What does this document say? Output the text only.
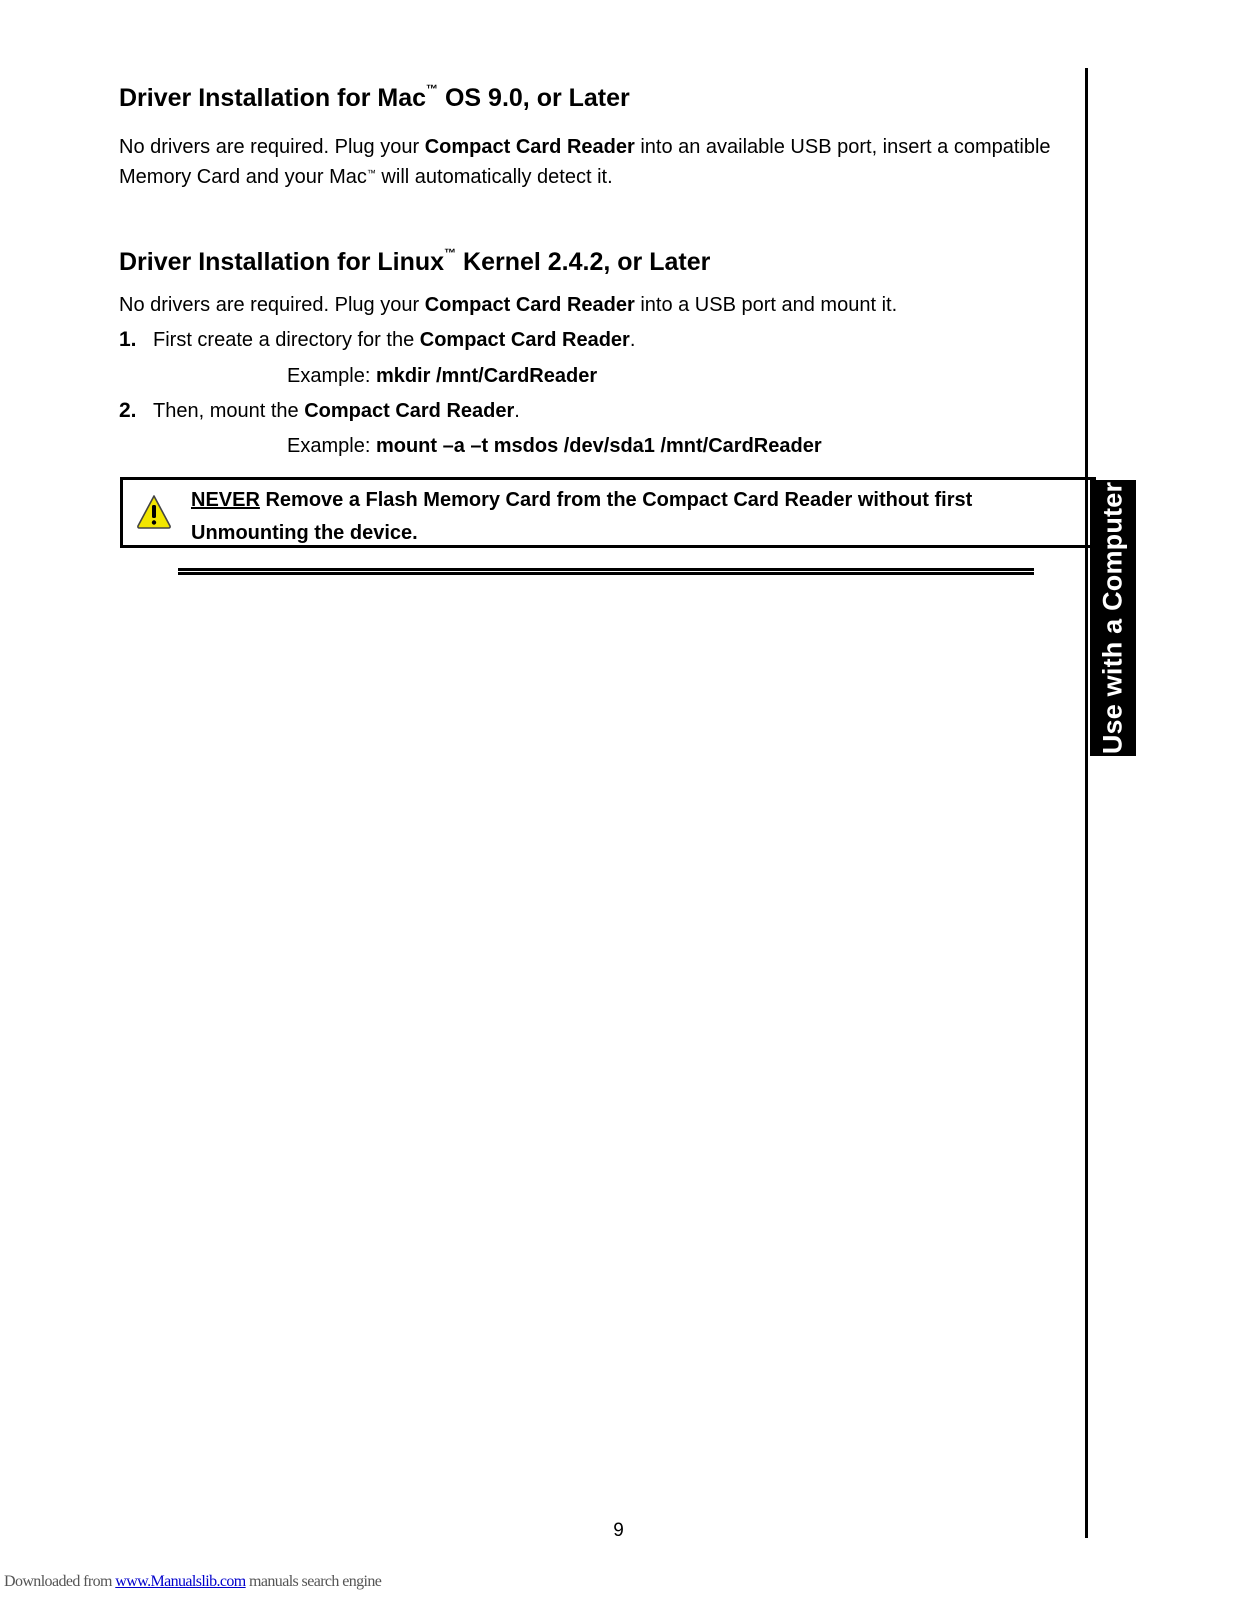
Driver Installation for Mac™ OS 9.0, or Later
No drivers are required. Plug your Compact Card Reader into an available USB port, insert a compatible
Memory Card and your Mac™ will automatically detect it.
Driver Installation for Linux™ Kernel 2.4.2, or Later
No drivers are required. Plug your Compact Card Reader into a USB port and mount it.
1. First create a directory for the Compact Card Reader.
Example: mkdir /mnt/CardReader
2. Then, mount the Compact Card Reader.
Example: mount –a –t msdos /dev/sda1 /mnt/CardReader
NEVER Remove a Flash Memory Card from the Compact Card Reader without first
Unmounting the device.	Use with a Computer
9
Downloaded from www.Manualslib.com manuals search engine
